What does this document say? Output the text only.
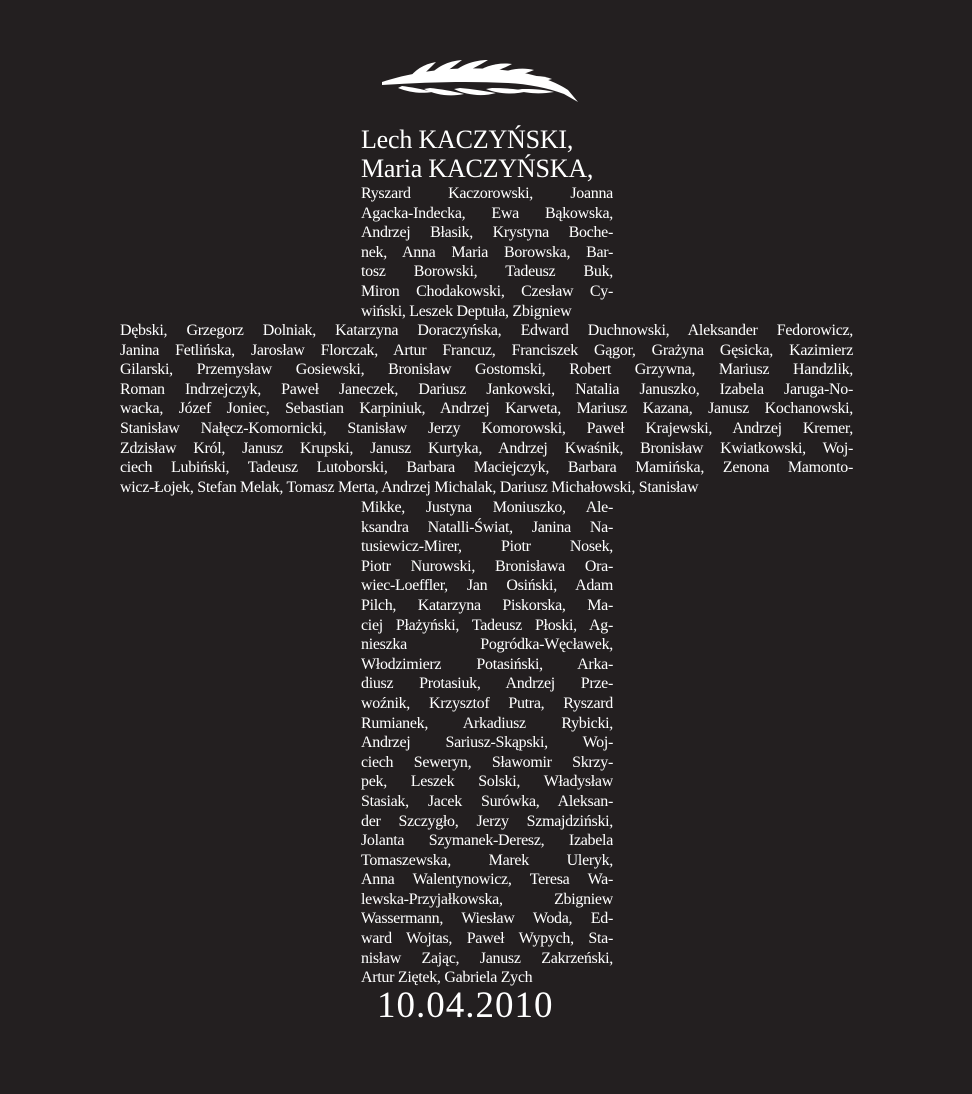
Lech KACZYŃSKI,
Maria KACZYŃSKA,
Ryszard Kaczorowski, Joanna
Agacka-Indecka, Ewa Bąkowska,
Andrzej Błasik, Krystyna Boche-
nek, Anna Maria Borowska, Bar-
tosz Borowski, Tadeusz Buk,
Miron Chodakowski, Czesław Cy-
wiński, Leszek Deptuła, Zbigniew
Dębski, Grzegorz Dolniak, Katarzyna Doraczyńska, Edward Duchnowski, Aleksander Fedorowicz,
Janina Fetlińska, Jarosław Florczak, Artur Francuz, Franciszek Gągor, Grażyna Gęsicka, Kazimierz
Gilarski, Przemysław Gosiewski, Bronisław Gostomski, Robert Grzywna, Mariusz Handzlik,
Roman Indrzejczyk, Paweł Janeczek, Dariusz Jankowski, Natalia Januszko, Izabela Jaruga-No-
wacka, Józef Joniec, Sebastian Karpiniuk, Andrzej Karweta, Mariusz Kazana, Janusz Kochanowski,
Stanisław Nałęcz-Komornicki, Stanisław Jerzy Komorowski, Paweł Krajewski, Andrzej Kremer,
Zdzisław Król, Janusz Krupski, Janusz Kurtyka, Andrzej Kwaśnik, Bronisław Kwiatkowski, Woj-
ciech Lubiński, Tadeusz Lutoborski, Barbara Maciejczyk, Barbara Mamińska, Zenona Mamonto-
wicz-Łojek, Stefan Melak, Tomasz Merta, Andrzej Michalak, Dariusz Michałowski, Stanisław
Mikke, Justyna Moniuszko, Ale-
ksandra Natalli-Świat, Janina Na-
tusiewicz-Mirer, Piotr Nosek,
Piotr Nurowski, Bronisława Ora-
wiec-Loeffler, Jan Osiński, Adam
Pilch, Katarzyna Piskorska, Ma-
ciej Płażyński, Tadeusz Płoski, Ag-
nieszka Pogródka-Węcławek,
Włodzimierz Potasiński, Arka-
diusz Protasiuk, Andrzej Prze-
woźnik, Krzysztof Putra, Ryszard
Rumianek, Arkadiusz Rybicki,
Andrzej Sariusz-Skąpski, Woj-
ciech Seweryn, Sławomir Skrzy-
pek, Leszek Solski, Władysław
Stasiak, Jacek Surówka, Aleksan-
der Szczygło, Jerzy Szmajdziński,
Jolanta Szymanek-Deresz, Izabela
Tomaszewska, Marek Uleryk,
Anna Walentynowicz, Teresa Wa-
lewska-Przyjałkowska, Zbigniew
Wassermann, Wiesław Woda, Ed-
ward Wojtas, Paweł Wypych, Sta-
nisław Zając, Janusz Zakrzeński,
Artur Ziętek, Gabriela Zych
10.04.2010
